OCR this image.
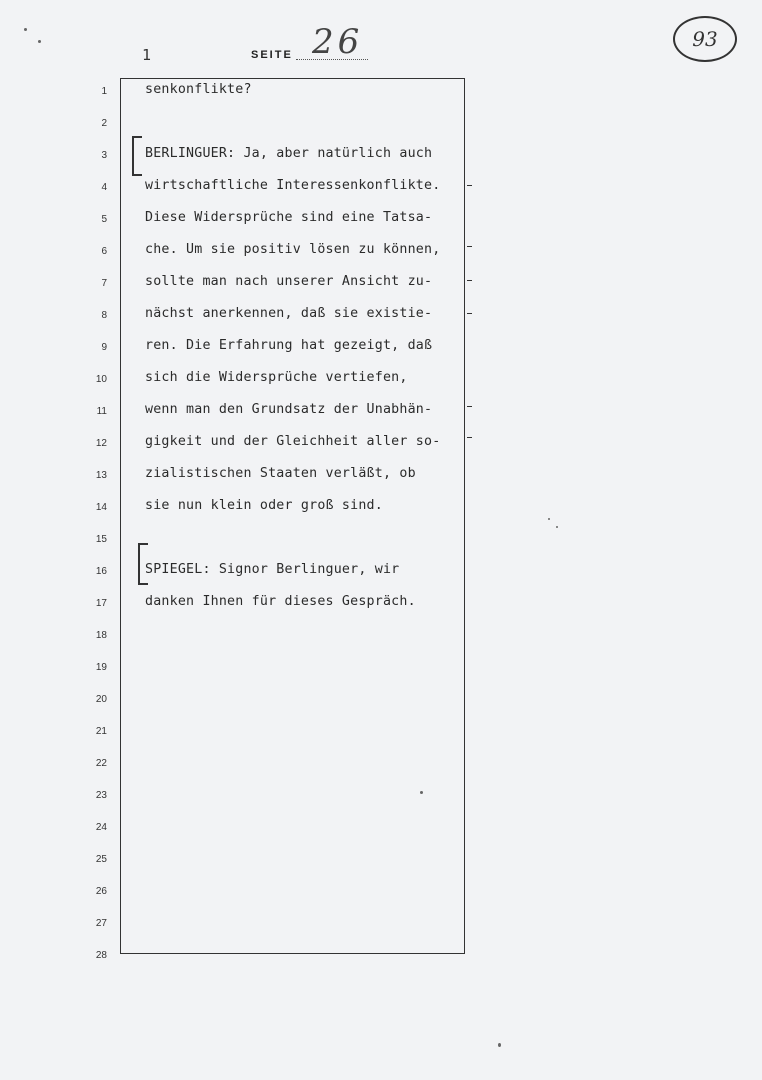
1	SEITE 26	93
1	senkonflikte?
2
3	BERLINGUER: Ja, aber natürlich auch
4	wirtschaftliche Interessenkonflikte.
5	Diese Widersprüche sind eine Tatsa-
6	che. Um sie positiv lösen zu können,
7	sollte man nach unserer Ansicht zu-
8	nächst anerkennen, daß sie existie-
9	ren. Die Erfahrung hat gezeigt, daß
10	sich die Widersprüche vertiefen,
11	wenn man den Grundsatz der Unabhän-
12	gigkeit und der Gleichheit aller so-
13	zialistischen Staaten verläßt, ob
14	sie nun klein oder groß sind.
15
16	SPIEGEL: Signor Berlinguer, wir
17	danken Ihnen für dieses Gespräch.
18
19
20
21
22
23
24
25
26
27
28
